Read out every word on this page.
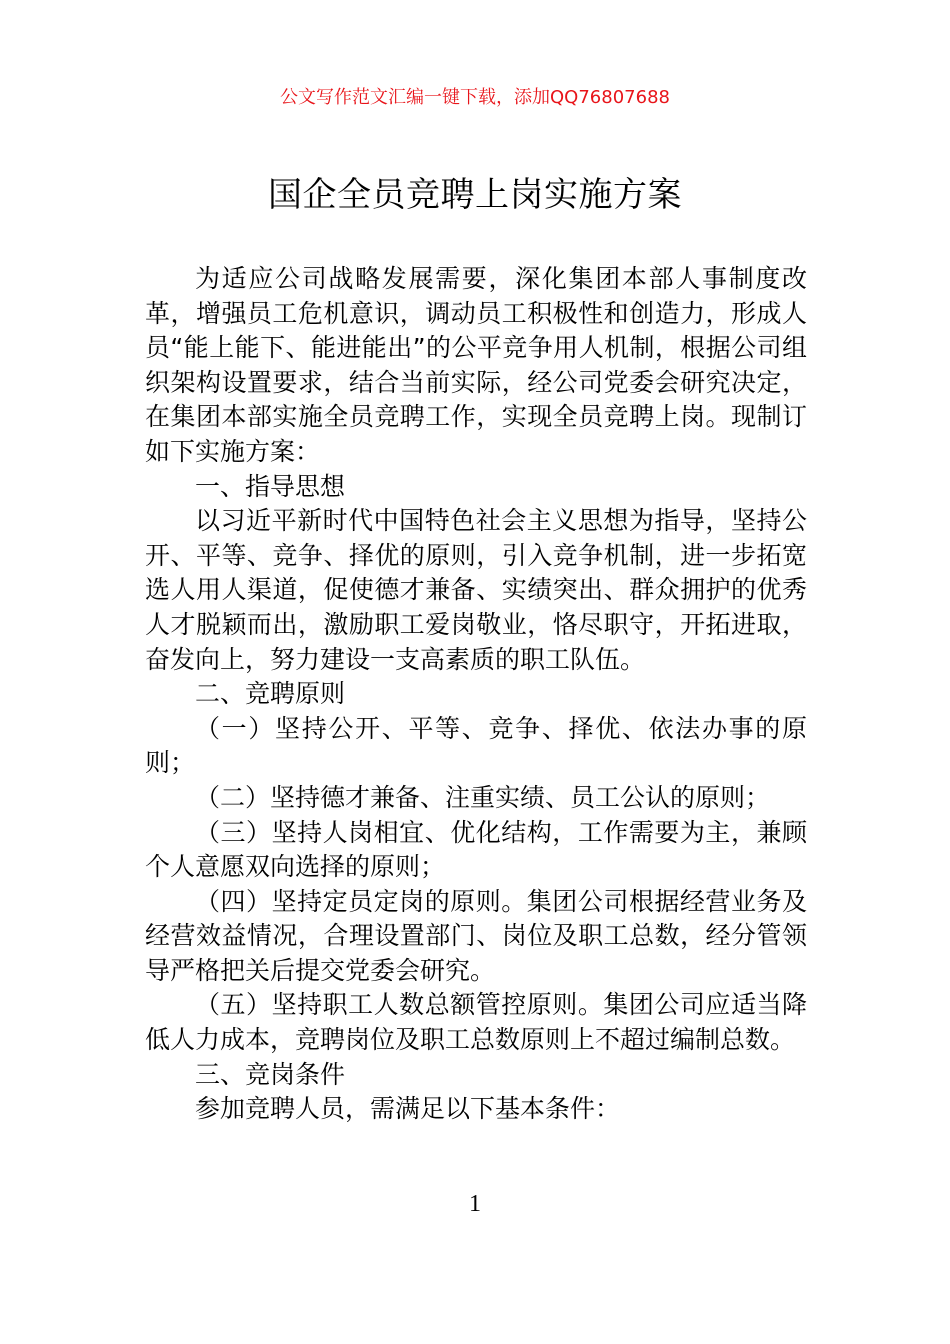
公文写作范文汇编一键下载，添加QQ76807688
国企全员竞聘上岗实施方案

为适应公司战略发展需要，深化集团本部人事制度改革，增强员工危机意识，调动员工积极性和创造力，形成人员“能上能下、能进能出”的公平竞争用人机制，根据公司组织架构设置要求，结合当前实际，经公司党委会研究决定，在集团本部实施全员竞聘工作，实现全员竞聘上岗。现制订如下实施方案：

一、指导思想

以习近平新时代中国特色社会主义思想为指导，坚持公开、平等、竞争、择优的原则，引入竞争机制，进一步拓宽选人用人渠道，促使德才兼备、实绩突出、群众拥护的优秀人才脱颖而出，激励职工爱岗敬业，恪尽职守，开拓进取，奋发向上，努力建设一支高素质的职工队伍。

二、竞聘原则

（一）坚持公开、平等、竞争、择优、依法办事的原则；

（二）坚持德才兼备、注重实绩、员工公认的原则；

（三）坚持人岗相宜、优化结构，工作需要为主，兼顾个人意愿双向选择的原则；

（四）坚持定员定岗的原则。集团公司根据经营业务及经营效益情况，合理设置部门、岗位及职工总数，经分管领导严格把关后提交党委会研究。

（五）坚持职工人数总额管控原则。集团公司应适当降低人力成本，竞聘岗位及职工总数原则上不超过编制总数。

三、竞岗条件

参加竞聘人员，需满足以下基本条件：

1
